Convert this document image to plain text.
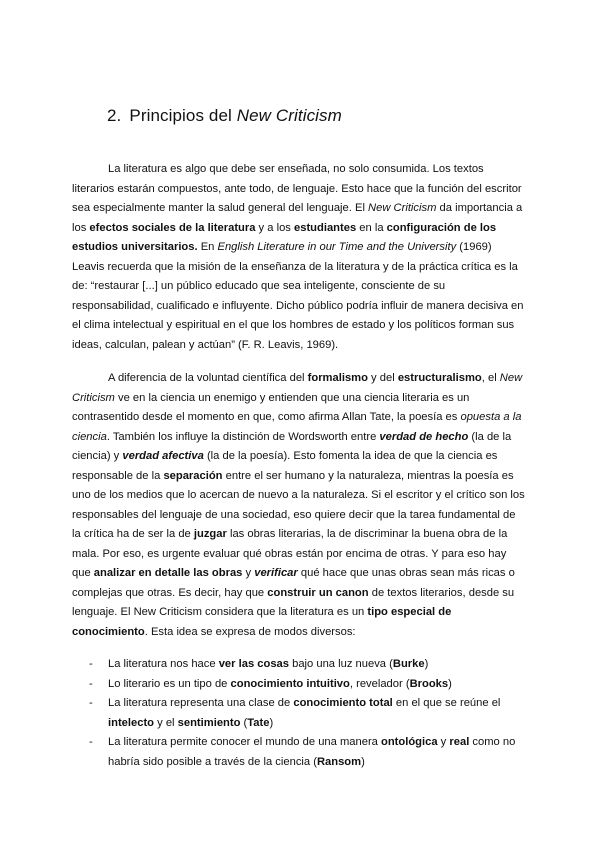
2. Principios del New Criticism

La literatura es algo que debe ser enseñada, no solo consumida. Los textos literarios estarán compuestos, ante todo, de lenguaje. Esto hace que la función del escritor sea especialmente manter la salud general del lenguaje. El New Criticism da importancia a los efectos sociales de la literatura y a los estudiantes en la configuración de los estudios universitarios. En English Literature in our Time and the University (1969) Leavis recuerda que la misión de la enseñanza de la literatura y de la práctica crítica es la de: “restaurar [...] un público educado que sea inteligente, consciente de su responsabilidad, cualificado e influyente. Dicho público podría influir de manera decisiva en el clima intelectual y espiritual en el que los hombres de estado y los políticos forman sus ideas, calculan, palean y actúan” (F. R. Leavis, 1969).

A diferencia de la voluntad científica del formalismo y del estructuralismo, el New Criticism ve en la ciencia un enemigo y entienden que una ciencia literaria es un contrasentido desde el momento en que, como afirma Allan Tate, la poesía es opuesta a la ciencia. También los influye la distinción de Wordsworth entre verdad de hecho (la de la ciencia) y verdad afectiva (la de la poesía). Esto fomenta la idea de que la ciencia es responsable de la separación entre el ser humano y la naturaleza, mientras la poesía es uno de los medios que lo acercan de nuevo a la naturaleza. Si el escritor y el crítico son los responsables del lenguaje de una sociedad, eso quiere decir que la tarea fundamental de la crítica ha de ser la de juzgar las obras literarias, la de discriminar la buena obra de la mala. Por eso, es urgente evaluar qué obras están por encima de otras. Y para eso hay que analizar en detalle las obras y verificar qué hace que unas obras sean más ricas o complejas que otras. Es decir, hay que construir un canon de textos literarios, desde su lenguaje. El New Criticism considera que la literatura es un tipo especial de conocimiento. Esta idea se expresa de modos diversos:

- La literatura nos hace ver las cosas bajo una luz nueva (Burke)
- Lo literario es un tipo de conocimiento intuitivo, revelador (Brooks)
- La literatura representa una clase de conocimiento total en el que se reúne el intelecto y el sentimiento (Tate)
- La literatura permite conocer el mundo de una manera ontológica y real como no habría sido posible a través de la ciencia (Ransom)
